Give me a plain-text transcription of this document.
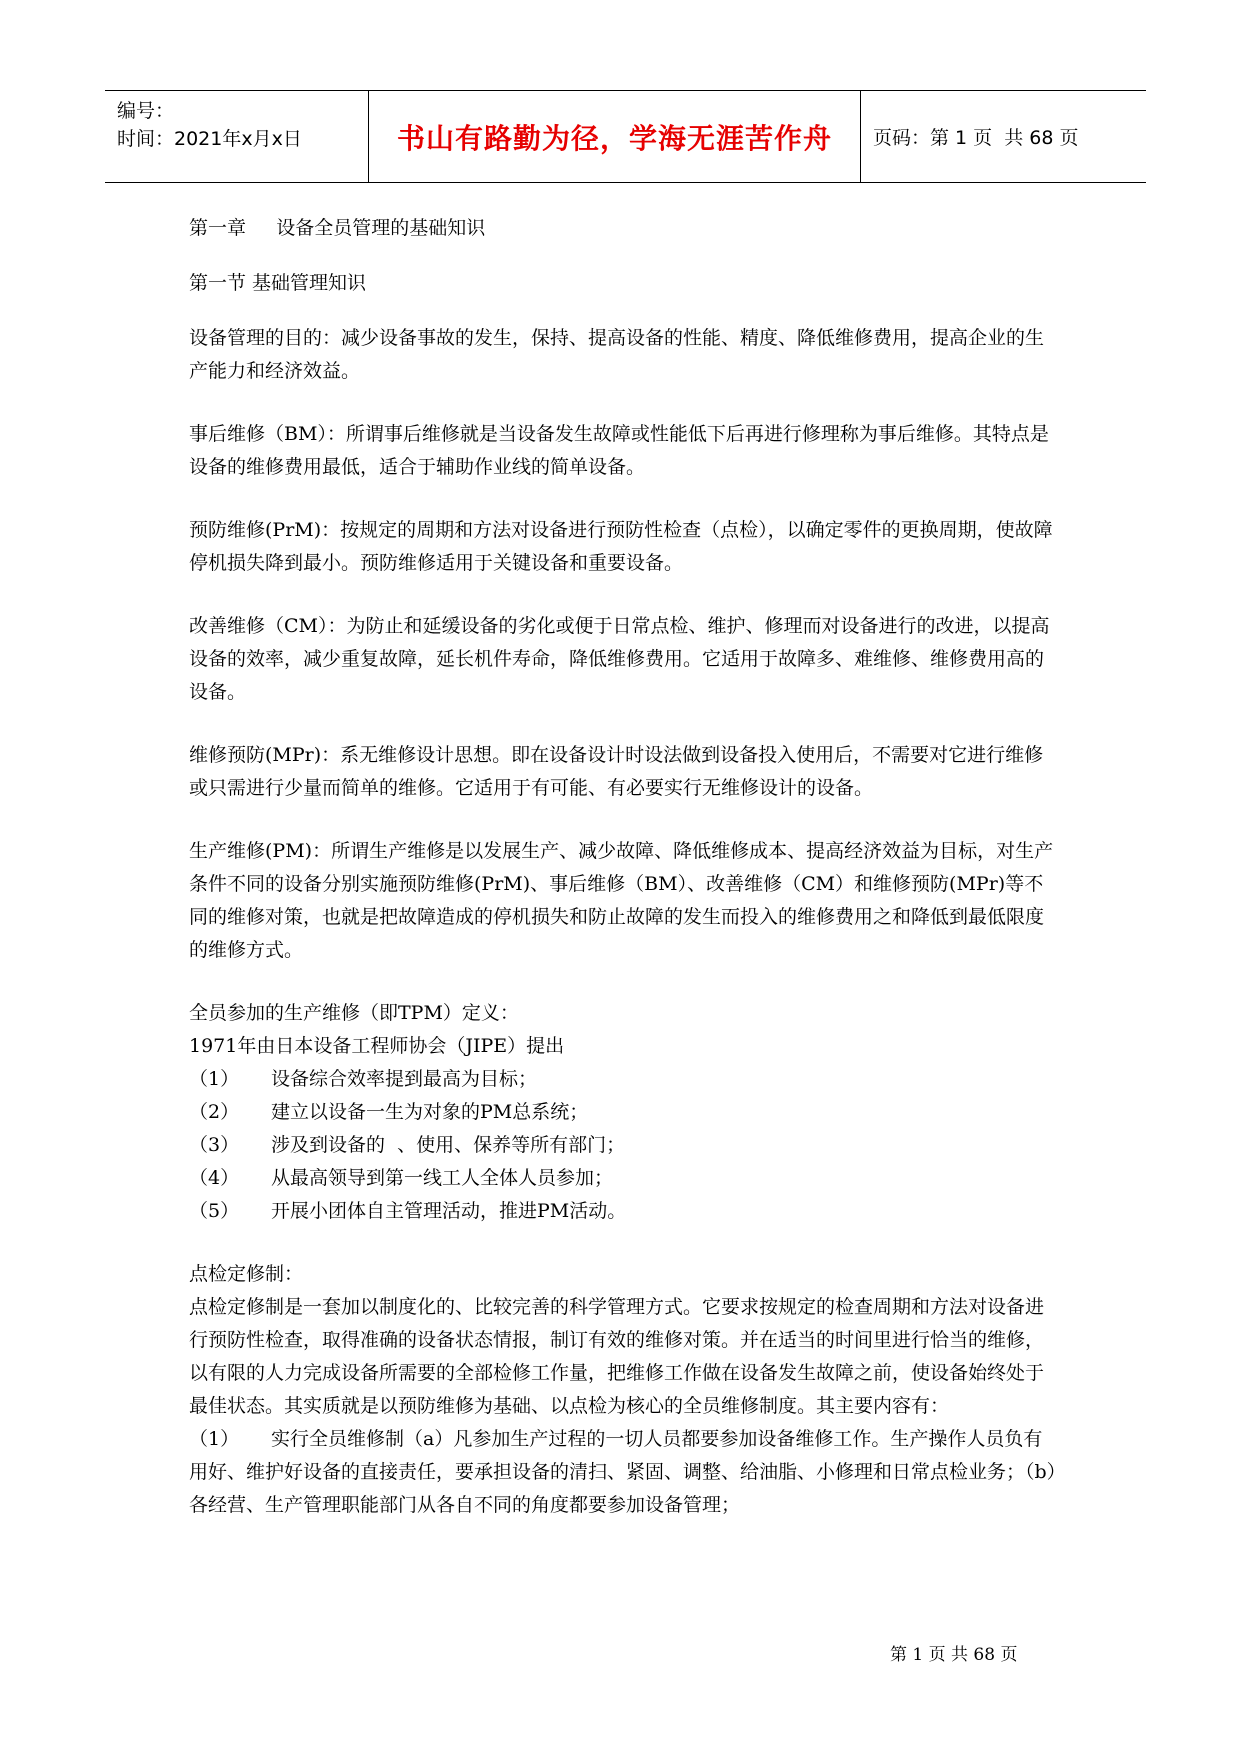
编号：
时间：2021年x月x日	书山有路勤为径，学海无涯苦作舟	页码：第 1 页  共 68 页

第一章     设备全员管理的基础知识

第一节 基础管理知识

设备管理的目的：减少设备事故的发生，保持、提高设备的性能、精度、降低维修费用，提高企业的生产能力和经济效益。

事后维修（BM）：所谓事后维修就是当设备发生故障或性能低下后再进行修理称为事后维修。其特点是设备的维修费用最低，适合于辅助作业线的简单设备。

预防维修(PrM)：按规定的周期和方法对设备进行预防性检查（点检），以确定零件的更换周期，使故障停机损失降到最小。预防维修适用于关键设备和重要设备。

改善维修（CM）：为防止和延缓设备的劣化或便于日常点检、维护、修理而对设备进行的改进，以提高设备的效率，减少重复故障，延长机件寿命，降低维修费用。它适用于故障多、难维修、维修费用高的设备。

维修预防(MPr)：系无维修设计思想。即在设备设计时设法做到设备投入使用后，不需要对它进行维修或只需进行少量而简单的维修。它适用于有可能、有必要实行无维修设计的设备。

生产维修(PM)：所谓生产维修是以发展生产、减少故障、降低维修成本、提高经济效益为目标，对生产条件不同的设备分别实施预防维修(PrM)、事后维修（BM）、改善维修（CM）和维修预防(MPr)等不同的维修对策，也就是把故障造成的停机损失和防止故障的发生而投入的维修费用之和降低到最低限度的维修方式。

全员参加的生产维修（即TPM）定义：

1971年由日本设备工程师协会（JIPE）提出

（1）	设备综合效率提到最高为目标；
（2）	建立以设备一生为对象的PM总系统；
（3）	涉及到设备的  、使用、保养等所有部门；
（4）	从最高领导到第一线工人全体人员参加；
（5）	开展小团体自主管理活动，推进PM活动。

点检定修制：

点检定修制是一套加以制度化的、比较完善的科学管理方式。它要求按规定的检查周期和方法对设备进行预防性检查，取得准确的设备状态情报，制订有效的维修对策。并在适当的时间里进行恰当的维修，以有限的人力完成设备所需要的全部检修工作量，把维修工作做在设备发生故障之前，使设备始终处于最佳状态。其实质就是以预防维修为基础、以点检为核心的全员维修制度。其主要内容有：

（1） 实行全员维修制（a）凡参加生产过程的一切人员都要参加设备维修工作。生产操作人员负有用好、维护好设备的直接责任，要承担设备的清扫、紧固、调整、给油脂、小修理和日常点检业务；（b）各经营、生产管理职能部门从各自不同的角度都要参加设备管理；

第 1 页 共 68 页
